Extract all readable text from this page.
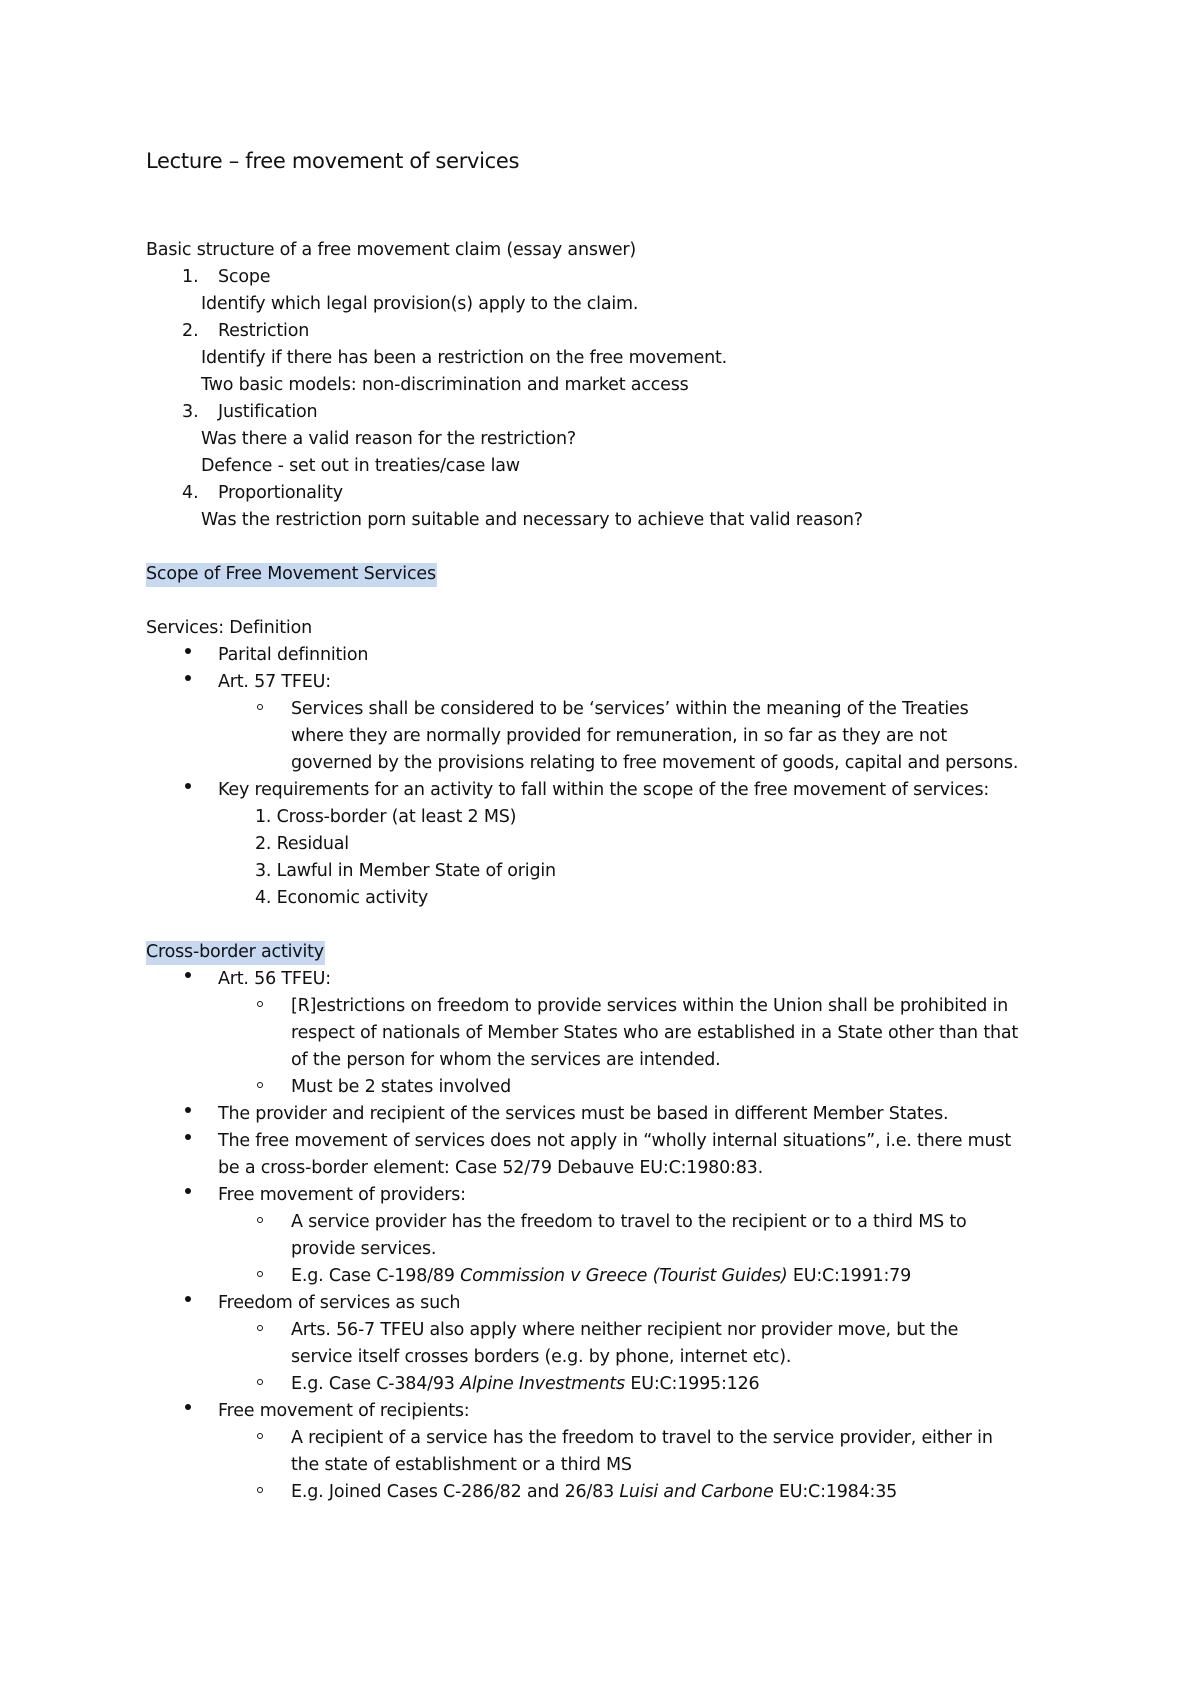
Lecture – free movement of services
Basic structure of a free movement claim (essay answer)
1. Scope
Identify which legal provision(s) apply to the claim.
2. Restriction
Identify if there has been a restriction on the free movement.
Two basic models: non-discrimination and market access
3. Justification
Was there a valid reason for the restriction?
Defence - set out in treaties/case law
4. Proportionality
Was the restriction porn suitable and necessary to achieve that valid reason?
Scope of Free Movement Services
Services: Definition
Parital definnition
Art. 57 TFEU:
Services shall be considered to be ‘services’ within the meaning of the Treaties
where they are normally provided for remuneration, in so far as they are not
governed by the provisions relating to free movement of goods, capital and persons.
Key requirements for an activity to fall within the scope of the free movement of services:
1. Cross-border (at least 2 MS)
2. Residual
3. Lawful in Member State of origin
4. Economic activity
Cross-border activity
Art. 56 TFEU:
[R]estrictions on freedom to provide services within the Union shall be prohibited in
respect of nationals of Member States who are established in a State other than that
of the person for whom the services are intended.
Must be 2 states involved
The provider and recipient of the services must be based in different Member States.
The free movement of services does not apply in “wholly internal situations”, i.e. there must
be a cross-border element: Case 52/79 Debauve EU:C:1980:83.
Free movement of providers:
A service provider has the freedom to travel to the recipient or to a third MS to
provide services.
E.g. Case C-198/89 Commission v Greece (Tourist Guides) EU:C:1991:79
Freedom of services as such
Arts. 56-7 TFEU also apply where neither recipient nor provider move, but the
service itself crosses borders (e.g. by phone, internet etc).
E.g. Case C-384/93 Alpine Investments EU:C:1995:126
Free movement of recipients:
A recipient of a service has the freedom to travel to the service provider, either in
the state of establishment or a third MS
E.g. Joined Cases C-286/82 and 26/83 Luisi and Carbone EU:C:1984:35
